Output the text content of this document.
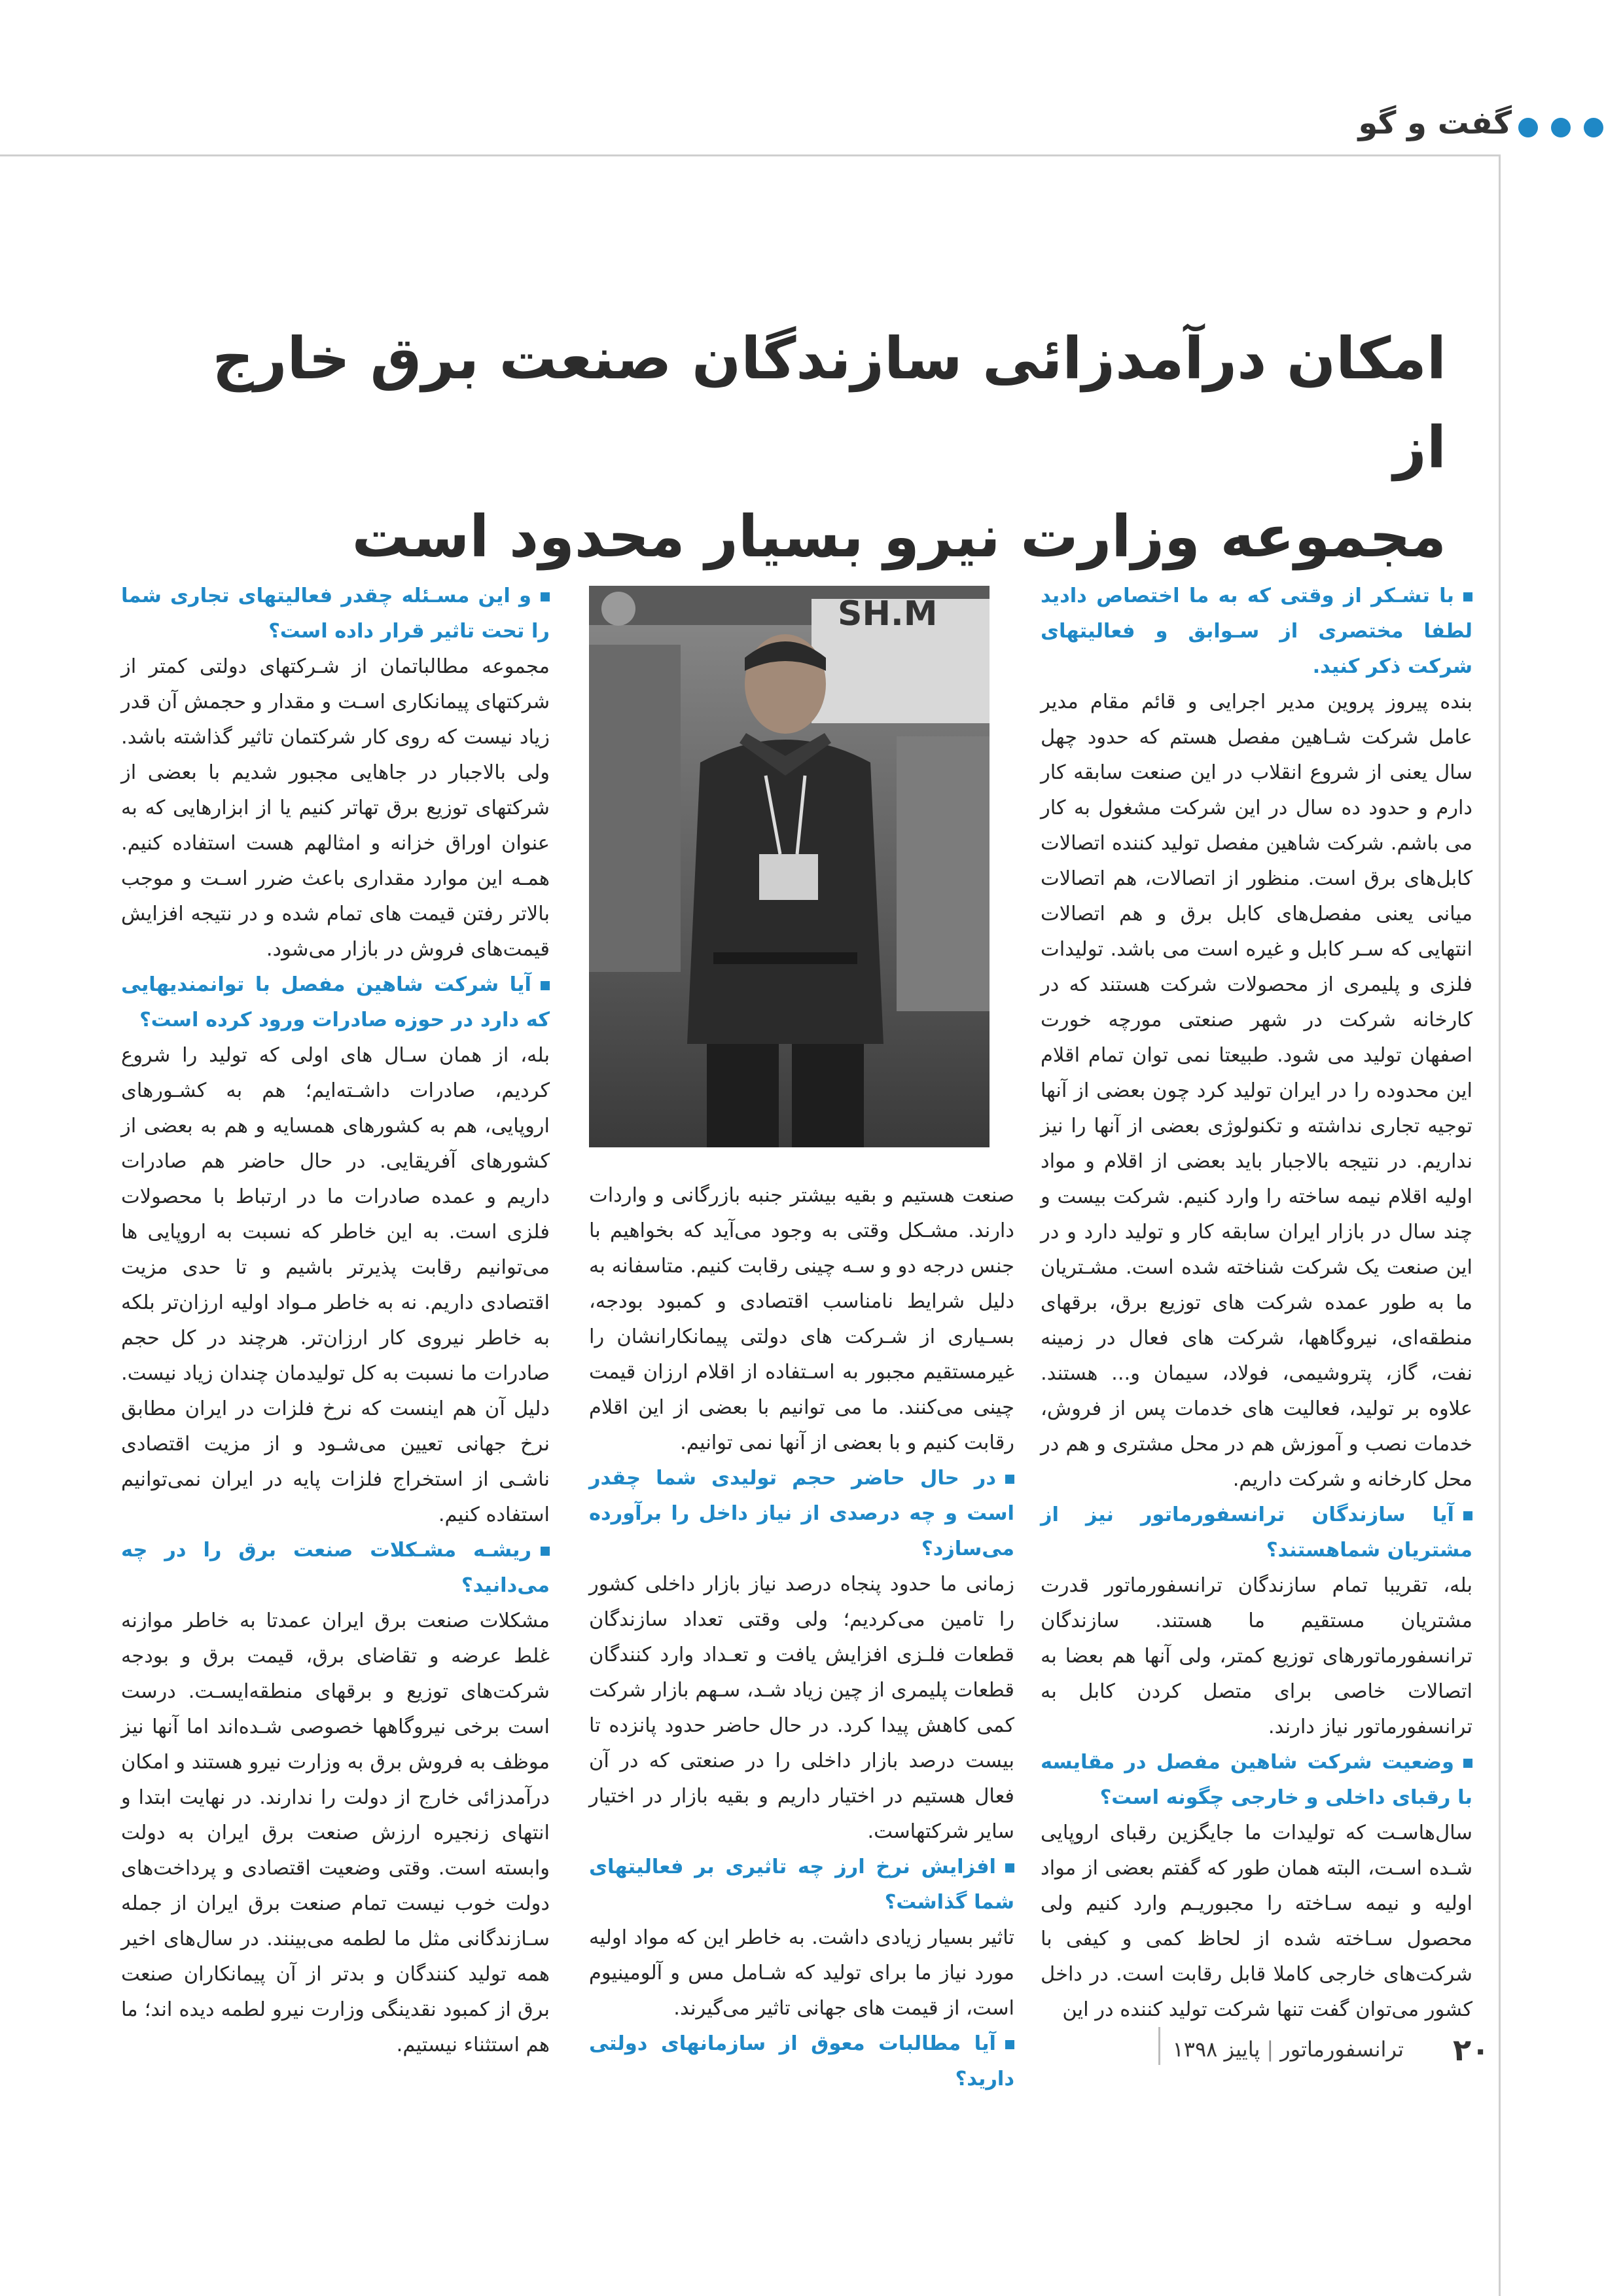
گفت و گو
امکان درآمدزائی سازندگان صنعت برق خارج از
مجموعه وزارت نیرو بسیار محدود است
SH.M	با تشـکر از وقتی که به ما اختصاص دادید لطفا مختصری از سـوابق و فعالیتهای شرکت ذکر کنید.

بنده پیروز پروین مدیر اجرایی و قائم مقام مدیر عامل شرکت شـاهین مفصل هستم که حدود چهل سال یعنی از شروع انقلاب در این صنعت سابقه کار دارم و حدود ده سال در این شرکت مشغول به کار می باشم. شرکت شاهین مفصل تولید کننده اتصالات کابل‌های برق است. منظور از اتصالات، هم اتصالات میانی یعنی مفصل‌های کابل برق و هم اتصالات انتهایی که سـر کابل و غیره است می باشد. تولیدات فلزی و پلیمری از محصولات شرکت هستند که در کارخانه شرکت در شهر صنعتی مورچه خورت اصفهان تولید می شود. طبیعتا نمی توان تمام اقلام این محدوده را در ایران تولید کرد چون بعضی از آنها توجیه تجاری نداشته و تکنولوژی بعضی از آنها را نیز نداریم. در نتیجه بالاجبار باید بعضی از اقلام و مواد اولیه اقلام نیمه ساخته را وارد کنیم. شرکت بیست و چند سال در بازار ایران سابقه کار و تولید دارد و در این صنعت یک شرکت شناخته شده است. مشـتریان ما به طور عمده شرکت های توزیع برق، برقهای منطقه‌ای، نیروگاهها، شرکت های فعال در زمینه نفت، گاز، پتروشیمی، فولاد، سیمان و... هستند. علاوه بر تولید، فعالیت های خدمات پس از فروش، خدمات نصب و آموزش هم در محل مشتری و هم در محل کارخانه و شرکت داریم.

آیا سازندگان ترانسفورماتور نیز از مشتریان شماهستند؟

بله، تقریبا تمام سازندگان ترانسفورماتور قدرت مشتریان مستقیم ما هستند. سازندگان ترانسفورماتورهای توزیع کمتر، ولی آنها هم بعضا به اتصالات خاصی برای متصل کردن کابل به ترانسفورماتور نیاز دارند.

وضعیت شرکت شاهین مفصل در مقایسه با رقبای داخلی و خارجی چگونه است؟

سال‌هاسـت که تولیدات ما جایگزین رقبای اروپایی شـده اسـت، البته همان طور که گفتم بعضی از مواد اولیه و نیمه سـاخته را مجبوریـم وارد کنیم ولی محصول سـاخته شده از لحاظ کمی و کیفی با شرکت‌های خارجی کاملا قابل رقابت است. در داخل کشور می‌توان گفت تنها شرکت تولید کننده در این

صنعت هستیم و بقیه بیشتر جنبه بازرگانی و واردات دارند. مشـکل وقتی به وجود می‌آید که بخواهیم با جنس درجه دو و سـه چینی رقابت کنیم. متاسفانه به دلیل شرایط نامناسب اقتصادی و کمبود بودجه، بسـیاری از شـرکت های دولتی پیمانکارانشان را غیرمستقیم مجبور به اسـتفاده از اقلام ارزان قیمت چینی می‌کنند. ما می توانیم با بعضی از این اقلام رقابت کنیم و با بعضی از آنها نمی توانیم.

در حال حاضر حجم تولیدی شما چقدر است و چه درصدی از نیاز داخل را برآورده می‌سازد؟

زمانی ما حدود پنجاه درصد نیاز بازار داخلی کشور را تامین می‌کردیم؛ ولی وقتی تعداد سازندگان قطعات فلـزی افزایش یافت و تعـداد وارد کنندگان قطعات پلیمری از چین زیاد شـد، سـهم بازار شرکت کمی کاهش پیدا کرد. در حال حاضر حدود پانزده تا بیست درصد بازار داخلی را در صنعتی که در آن فعال هستیم در اختیار داریم و بقیه بازار در اختیار سایر شرکتهاست.

افزایش نرخ ارز چه تاثیری بر فعالیتهای شما گذاشت؟

تاثیر بسیار زیادی داشت. به خاطر این که مواد اولیه مورد نیاز ما برای تولید که شـامل مس و آلومینیوم است، از قیمت های جهانی تاثیر می‌گیرند.

آیا مطالبات معوق از سازمانهای دولتی دارید؟

و این مسـئله چقدر فعالیتهای تجاری شما را تحت تاثیر قرار داده است؟

مجموعه مطالباتمان از شـرکتهای دولتی کمتر از شرکتهای پیمانکاری اسـت و مقدار و حجمش آن قدر زیاد نیست که روی کار شرکتمان تاثیر گذاشته باشد. ولی بالاجبار در جاهایی مجبور شدیم با بعضی از شرکتهای توزیع برق تهاتر کنیم یا از ابزارهایی که به عنوان اوراق خزانه و امثالهم هست استفاده کنیم. همـه این موارد مقداری باعث ضرر اسـت و موجب بالاتر رفتن قیمت های تمام شده و در نتیجه افزایش قیمت‌های فروش در بازار می‌شود.

آیا شرکت شاهین مفصل با توانمندیهایی که دارد در حوزه صادرات ورود کرده است؟

بله، از همان سـال های اولی که تولید را شروع کردیم، صادرات داشـته‌ایم؛ هم به کشـورهای اروپایی، هم به کشورهای همسایه و هم به بعضی از کشورهای آفریقایی. در حال حاضر هم صادرات داریم و عمده صادرات ما در ارتباط با محصولات فلزی است. به این خاطر که نسبت به اروپایی ها می‌توانیم رقابت پذیرتر باشیم و تا حدی مزیت اقتصادی داریم. نه به خاطر مـواد اولیه ارزان‌تر بلکه به خاطر نیروی کار ارزان‌تر. هرچند در کل حجم صادرات ما نسبت به کل تولیدمان چندان زیاد نیست. دلیل آن هم اینست که نرخ فلزات در ایران مطابق نرخ جهانی تعیین می‌شـود و از مزیت اقتصادی ناشـی از استخراج فلزات پایه در ایران نمی‌توانیم استفاده کنیم.

ریشـه مشـکلات صنعت برق را در چه می‌دانید؟

مشکلات صنعت برق ایران عمدتا به خاطر موازنه غلط عرضه و تقاضای برق، قیمت برق و بودجه شرکت‌های توزیع و برقهای منطقه‌ایسـت. درست است برخی نیروگاهها خصوصی شـده‌اند اما آنها نیز موظف به فروش برق به وزارت نیرو هستند و امکان درآمدزائی خارج از دولت را ندارند. در نهایت ابتدا و انتهای زنجیره ارزش صنعت برق ایران به دولت وابسته است. وقتی وضعیت اقتصادی و پرداخت‌های دولت خوب نیست تمام صنعت برق ایران از جمله سـازندگانی مثل ما لطمه می‌بینند. در سال‌های اخیر همه تولید کنندگان و بدتر از آن پیمانکاران صنعت برق از کمبود نقدینگی وزارت نیرو لطمه دیده اند؛ ما هم استثناء نیستیم.	۲۰
ترانسفورماتور|پاییز ۱۳۹۸
